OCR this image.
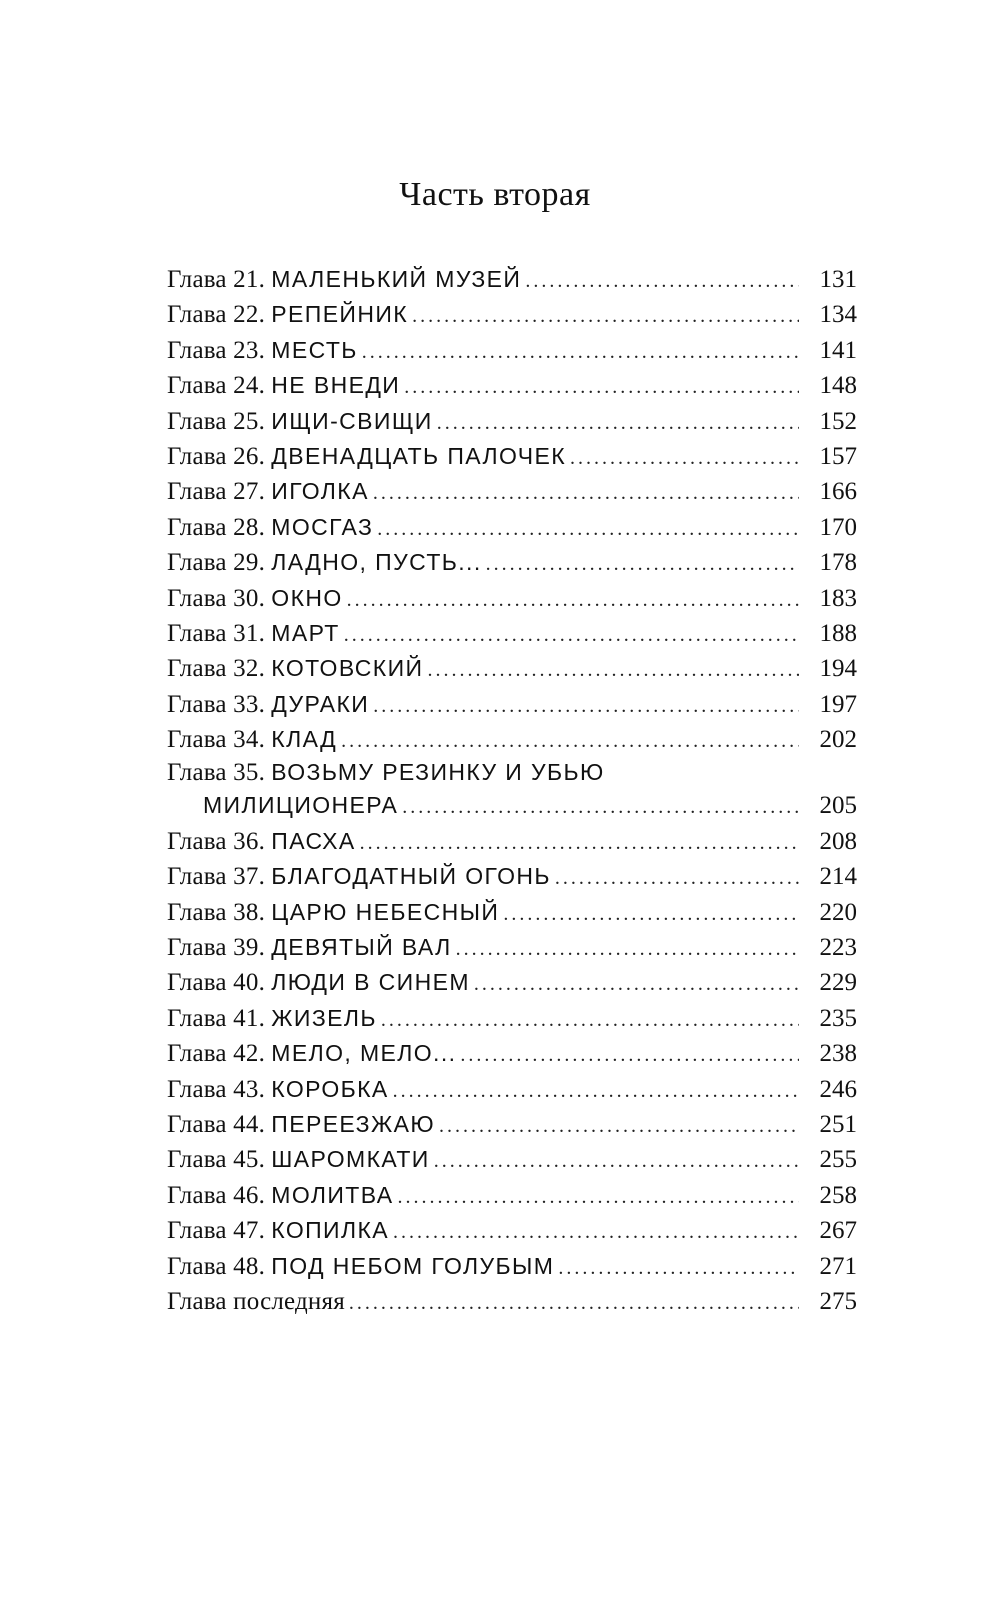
Часть вторая
Глава 21. МАЛЕНЬКИЙ МУЗЕЙ . . .	131
Глава 22. РЕПЕЙНИК . . .	134
Глава 23. МЕСТЬ . . .	141
Глава 24. НЕ ВНЕДИ . . .	148
Глава 25. ИЩИ-СВИЩИ . . .	152
Глава 26. ДВЕНАДЦАТЬ ПАЛОЧЕК . . .	157
Глава 27. ИГОЛКА . . .	166
Глава 28. МОСГАЗ . . .	170
Глава 29. ЛАДНО, ПУСТЬ... . . .	178
Глава 30. ОКНО . . .	183
Глава 31. МАРТ . . .	188
Глава 32. КОТОВСКИЙ . . .	194
Глава 33. ДУРАКИ . . .	197
Глава 34. КЛАД . . .	202
Глава 35. ВОЗЬМУ РЕЗИНКУ И УБЬЮ
МИЛИЦИОНЕРА . . .	205
Глава 36. ПАСХА . . .	208
Глава 37. БЛАГОДАТНЫЙ ОГОНЬ . . .	214
Глава 38. ЦАРЮ НЕБЕСНЫЙ . . .	220
Глава 39. ДЕВЯТЫЙ ВАЛ . . .	223
Глава 40. ЛЮДИ В СИНЕМ . . .	229
Глава 41. ЖИЗЕЛЬ . . .	235
Глава 42. МЕЛО, МЕЛО... . . .	238
Глава 43. КОРОБКА . . .	246
Глава 44. ПЕРЕЕЗЖАЮ . . .	251
Глава 45. ШАРОМКАТИ . . .	255
Глава 46. МОЛИТВА . . .	258
Глава 47. КОПИЛКА . . .	267
Глава 48. ПОД НЕБОМ ГОЛУБЫМ . . .	271
Глава последняя . . .	275
